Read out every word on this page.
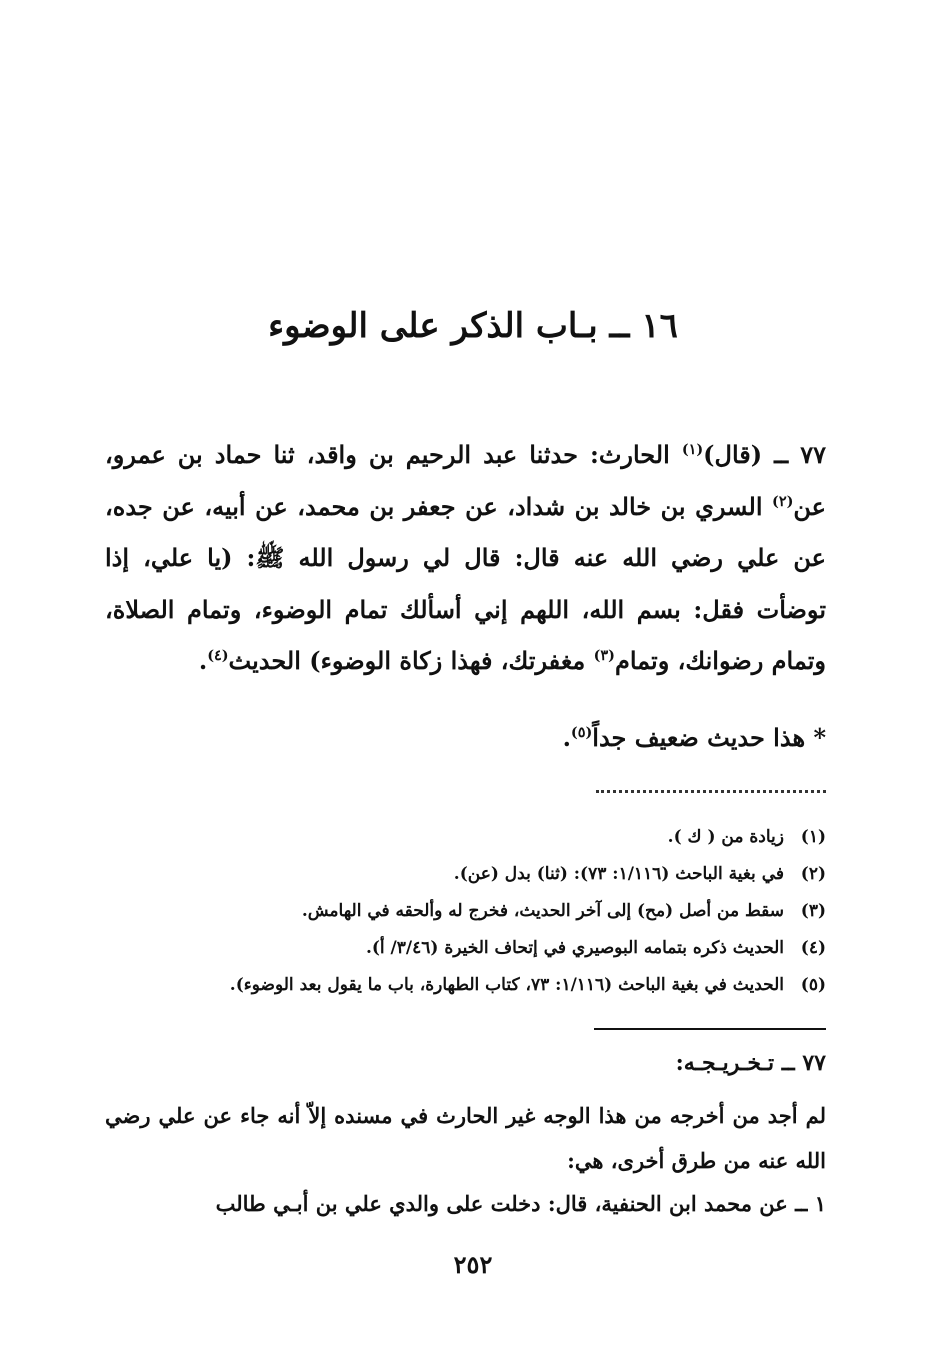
١٦ ــ بـاب الذكر على الوضوء
٧٧ ــ (قال)$^{(١)}$ الحارث: حدثنا عبد الرحيم بن واقد، ثنا حماد بن عمرو، عن$^{(٢)}$ السري بن خالد بن شداد، عن جعفر بن محمد، عن أبيه، عن جده، عن علي رضي الله عنه قال: قال لي رسول الله ﷺ: (يا علي، إذا توضأت فقل: بسم الله، اللهم إني أسألك تمام الوضوء، وتمام الصلاة، وتمام رضوانك، وتمام$^{(٣)}$ مغفرتك، فهذا زكاة الوضوء) الحديث$^{(٤)}$.
* هذا حديث ضعيف جداً$^{(٥)}$.
(١)
زيادة من ( ك ).
(٢)
في بغية الباحث (١/١١٦: ٧٣): (ثنا) بدل (عن).
(٣)
سقط من أصل (مح) إلى آخر الحديث، فخرج له وألحقه في الهامش.
(٤)
الحديث ذكره بتمامه البوصيري في إتحاف الخيرة (٣/٤٦/ أ).
(٥)
الحديث في بغية الباحث (١/١١٦: ٧٣، كتاب الطهارة، باب ما يقول بعد الوضوء).
٧٧ ــ تـخـريـجـه:
لم أجد من أخرجه من هذا الوجه غير الحارث في مسنده إلاّ أنه جاء عن علي رضي الله عنه من طرق أخرى، هي:
١ ــ عن محمد ابن الحنفية، قال: دخلت على والدي علي بن أبـي طالب
٢٥٢
